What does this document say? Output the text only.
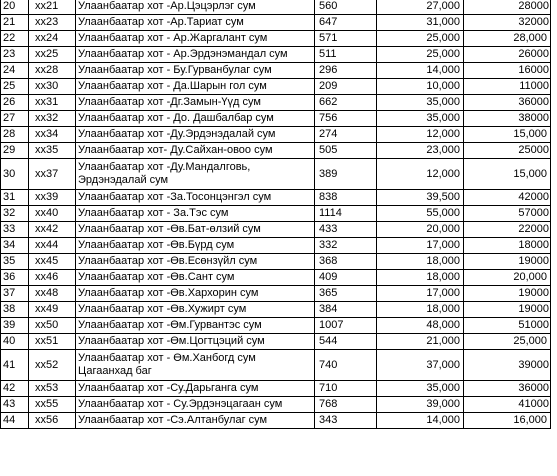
20	xx21	Улаанбаатар хот -Ар.Цэцэрлэг сум	560	27,000	28000
21	xx23	Улаанбаатар хот -Ар.Тариат сум	647	31,000	32000
22	xx24	Улаанбаатар хот - Ар.Жаргалант сум	571	25,000	28,000
23	xx25	Улаанбаатар хот - Ар.Эрдэнэмандал сум	511	25,000	26000
24	xx28	Улаанбаатар хот - Бу.Гурванбулаг сум	296	14,000	16000
25	xx30	Улаанбаатар хот - Да.Шарын гол сум	209	10,000	11000
26	xx31	Улаанбаатар хот -Дг.Замын-Үүд сум	662	35,000	36000
27	xx32	Улаанбаатар хот - До. Дашбалбар сум	756	35,000	38000
28	xx34	Улаанбаатар хот -Ду.Эрдэнэдалай сум	274	12,000	15,000
29	xx35	Улаанбаатар хот- Ду.Сайхан-овоо сум	505	23,000	25000
30	xx37	Улаанбаатар хот -Ду.Мандалговь, Эрдэнэдалай сум	389	12,000	15,000
31	xx39	Улаанбаатар хот -За.Тосонцэнгэл сум	838	39,500	42000
32	xx40	Улаанбаатар хот - За.Тэс сум	1114	55,000	57000
33	xx42	Улаанбаатар хот -Өв.Бат-өлзий сум	433	20,000	22000
34	xx44	Улаанбаатар хот -Өв.Бүрд сум	332	17,000	18000
35	xx45	Улаанбаатар хот -Өв.Есөнзүйл сум	368	18,000	19000
36	xx46	Улаанбаатар хот -Өв.Сант сум	409	18,000	20,000
37	xx48	Улаанбаатар хот -Өв.Хархорин сум	365	17,000	19000
38	xx49	Улаанбаатар хот -Өв.Хужирт сум	384	18,000	19000
39	xx50	Улаанбаатар хот -Өм.Гурвантэс сум	1007	48,000	51000
40	xx51	Улаанбаатар хот -Өм.Цогтцэций сум	544	21,000	25,000
41	xx52	Улаанбаатар хот - Өм.Ханбогд сум Цагаанхад баг	740	37,000	39000
42	xx53	Улаанбаатар хот -Су.Дарьганга сум	710	35,000	36000
43	xx55	Улаанбаатар хот - Су.Эрдэнэцагаан сум	768	39,000	41000
44	xx56	Улаанбаатар хот -Сэ.Алтанбулаг сум	343	14,000	16,000
